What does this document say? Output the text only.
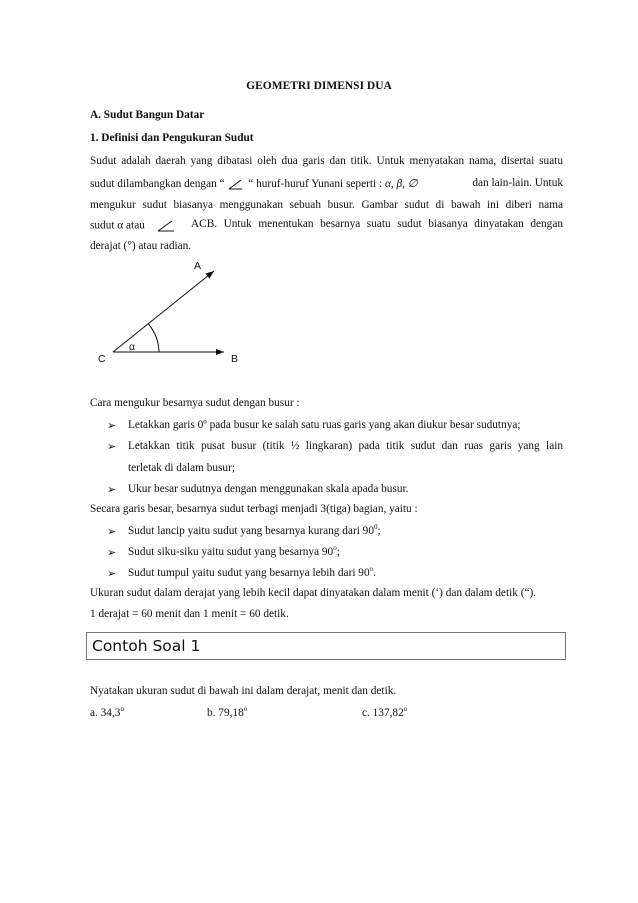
GEOMETRI DIMENSI DUA
A. Sudut Bangun Datar
1. Definisi dan Pengukuran Sudut
Sudut adalah daerah yang dibatasi oleh dua garis dan titik. Untuk menyatakan nama, disertai suatu
sudut dilambangkan dengan “ “ huruf-huruf Yunani seperti : α, β, ∅	dan lain-lain. Untuk
mengukur sudut biasanya menggunakan sebuah busur. Gambar sudut di bawah ini diberi nama
sudut α atau	ACB. Untuk menentukan besarnya suatu sudut biasanya dinyatakan dengan
derajat (°) atau radian.
A
B
C
α
Cara mengukur besarnya sudut dengan busur :
➢ Letakkan garis 0º pada busur ke salah satu ruas garis yang akan diukur besar sudutnya;
➢ Letakkan titik pusat busur (titik ½ lingkaran) pada titik sudut dan ruas garis yang lain
terletak di dalam busur;
➢ Ukur besar sudutnya dengan menggunakan skala apada busur.
Secara garis besar, besarnya sudut terbagi menjadi 3(tiga) bagian, yaitu :
➢ Sudut lancip yaitu sudut yang besarnya kurang dari $90^0$;
➢ Sudut siku-siku yaitu sudut yang besarnya 90$^o$;
➢ Sudut tumpul yaitu sudut yang besarnya lebih dari 90$^o$.
Ukuran sudut dalam derajat yang lebih kecil dapat dinyatakan dalam menit (‘) dan dalam detik (“).
1 derajat = 60 menit dan 1 menit = 60 detik.
Contoh Soal 1
Nyatakan ukuran sudut di bawah ini dalam derajat, menit dan detik.
a. 34,3$^o$	b. 79,18$^o$	c. 137,82$^o$
